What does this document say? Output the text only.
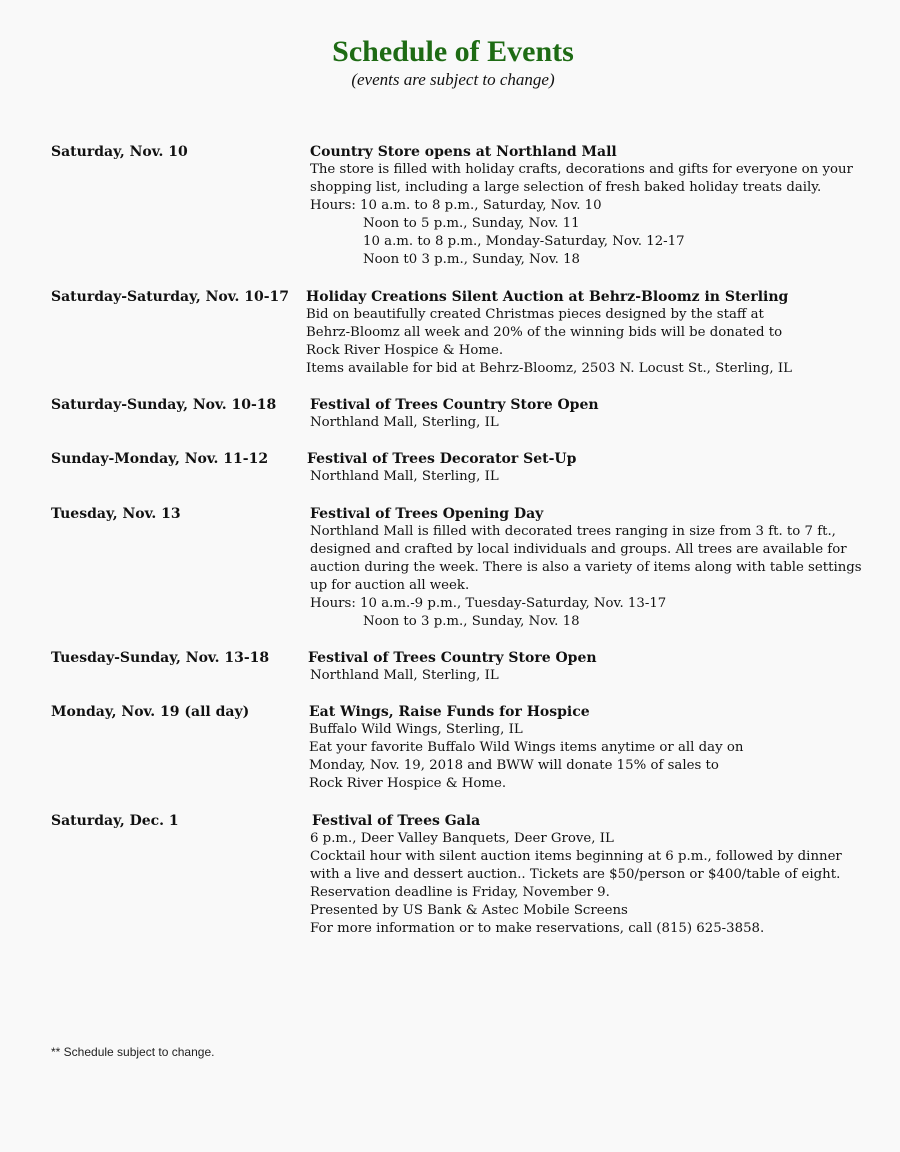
Schedule of Events
(events are subject to change)
Saturday, Nov. 10	Country Store opens at Northland Mall
The store is filled with holiday crafts, decorations and gifts for everyone on your
shopping list, including a large selection of fresh baked holiday treats daily.
Hours: 10 a.m. to 8 p.m., Saturday, Nov. 10
Noon to 5 p.m., Sunday, Nov. 11
10 a.m. to 8 p.m., Monday-Saturday, Nov. 12-17
Noon t0 3 p.m., Sunday, Nov. 18
Saturday-Saturday, Nov. 10-17 Holiday Creations Silent Auction at Behrz-Bloomz in Sterling
Bid on beautifully created Christmas pieces designed by the staff at
Behrz-Bloomz all week and 20% of the winning bids will be donated to
Rock River Hospice & Home.
Items available for bid at Behrz-Bloomz, 2503 N. Locust St., Sterling, IL
Saturday-Sunday, Nov. 10-18 Festival of Trees Country Store Open
Northland Mall, Sterling, IL
Sunday-Monday, Nov. 11-12	Festival of Trees Decorator Set-Up
Northland Mall, Sterling, IL
Tuesday, Nov. 13	Festival of Trees Opening Day
Northland Mall is filled with decorated trees ranging in size from 3 ft. to 7 ft.,
designed and crafted by local individuals and groups. All trees are available for
auction during the week. There is also a variety of items along with table settings
up for auction all week.
Hours: 10 a.m.-9 p.m., Tuesday-Saturday, Nov. 13-17
Noon to 3 p.m., Sunday, Nov. 18
Tuesday-Sunday, Nov. 13-18	Festival of Trees Country Store Open
Northland Mall, Sterling, IL
Monday, Nov. 19 (all day)	Eat Wings, Raise Funds for Hospice
Buffalo Wild Wings, Sterling, IL
Eat your favorite Buffalo Wild Wings items anytime or all day on
Monday, Nov. 19, 2018 and BWW will donate 15% of sales to
Rock River Hospice & Home.
Saturday, Dec. 1	Festival of Trees Gala
6 p.m., Deer Valley Banquets, Deer Grove, IL
Cocktail hour with silent auction items beginning at 6 p.m., followed by dinner
with a live and dessert auction.. Tickets are $50/person or $400/table of eight.
Reservation deadline is Friday, November 9.
Presented by US Bank & Astec Mobile Screens
For more information or to make reservations, call (815) 625-3858.
** Schedule subject to change.
